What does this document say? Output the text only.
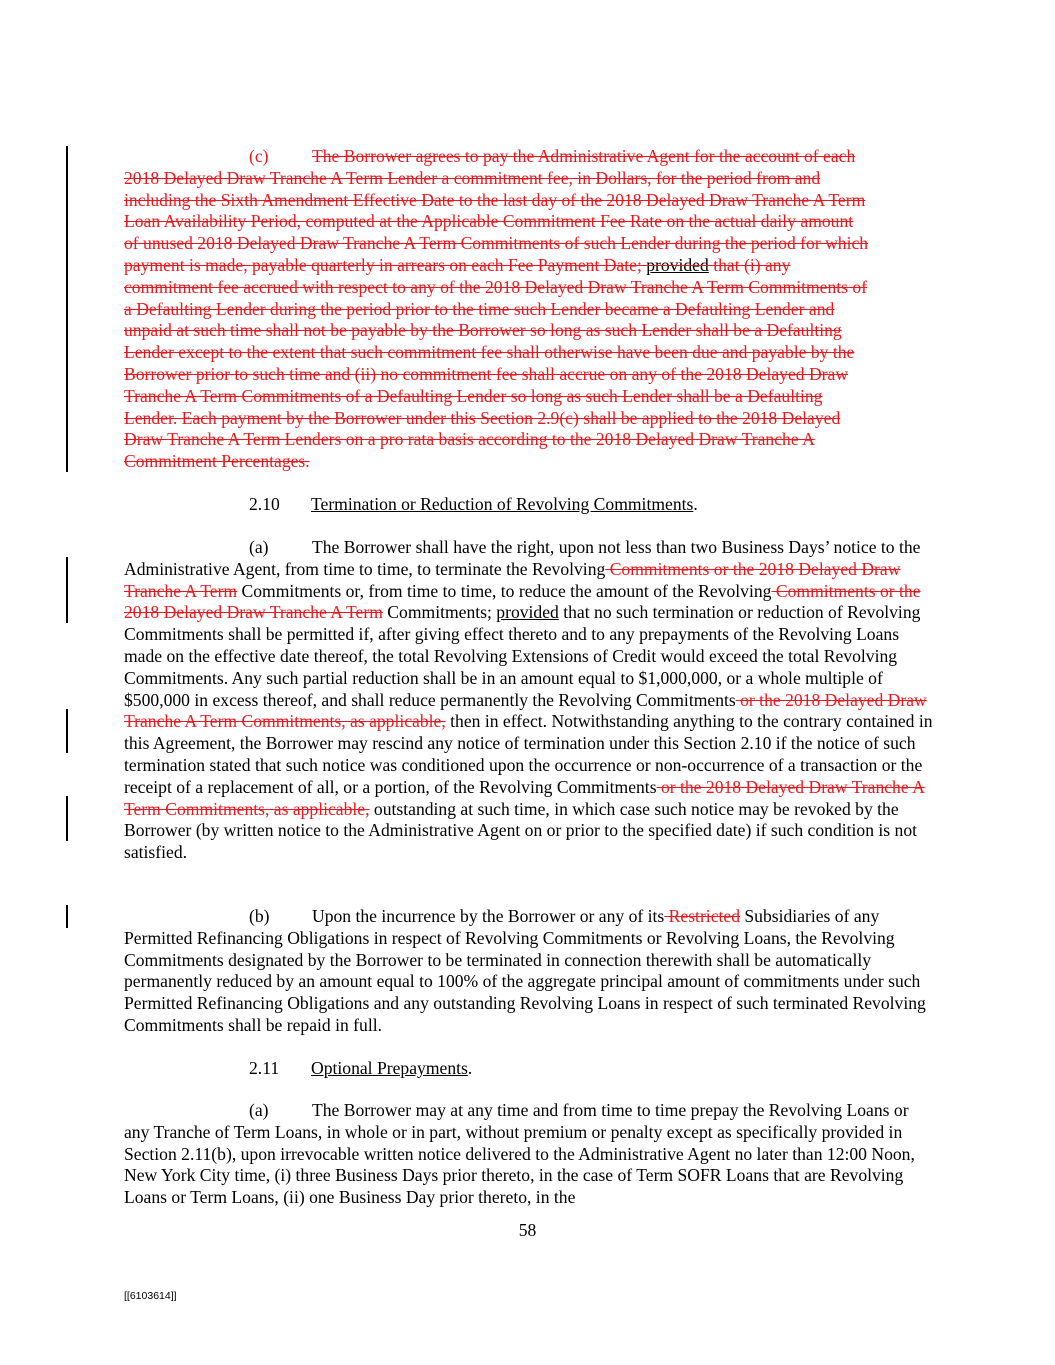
(c) The Borrower agrees to pay the Administrative Agent for the account of each
2018 Delayed Draw Tranche A Term Lender a commitment fee, in Dollars, for the period from and
including the Sixth Amendment Effective Date to the last day of the 2018 Delayed Draw Tranche A Term
Loan Availability Period, computed at the Applicable Commitment Fee Rate on the actual daily amount
of unused 2018 Delayed Draw Tranche A Term Commitments of such Lender during the period for which
payment is made, payable quarterly in arrears on each Fee Payment Date; provided that (i) any
commitment fee accrued with respect to any of the 2018 Delayed Draw Tranche A Term Commitments of
a Defaulting Lender during the period prior to the time such Lender became a Defaulting Lender and
unpaid at such time shall not be payable by the Borrower so long as such Lender shall be a Defaulting
Lender except to the extent that such commitment fee shall otherwise have been due and payable by the
Borrower prior to such time and (ii) no commitment fee shall accrue on any of the 2018 Delayed Draw
Tranche A Term Commitments of a Defaulting Lender so long as such Lender shall be a Defaulting
Lender. Each payment by the Borrower under this Section 2.9(c) shall be applied to the 2018 Delayed
Draw Tranche A Term Lenders on a pro rata basis according to the 2018 Delayed Draw Tranche A
Commitment Percentages.
2.10 Termination or Reduction of Revolving Commitments.
(a) The Borrower shall have the right, upon not less than two Business Days’ notice to the Administrative Agent, from time to time, to terminate the Revolving Commitments or the 2018 Delayed Draw Tranche A Term Commitments or, from time to time, to reduce the amount of the Revolving Commitments or the 2018 Delayed Draw Tranche A Term Commitments; provided that no such termination or reduction of Revolving Commitments shall be permitted if, after giving effect thereto and to any prepayments of the Revolving Loans made on the effective date thereof, the total Revolving Extensions of Credit would exceed the total Revolving Commitments. Any such partial reduction shall be in an amount equal to $1,000,000, or a whole multiple of $500,000 in excess thereof, and shall reduce permanently the Revolving Commitments or the 2018 Delayed Draw Tranche A Term Commitments, as applicable, then in effect. Notwithstanding anything to the contrary contained in this Agreement, the Borrower may rescind any notice of termination under this Section 2.10 if the notice of such termination stated that such notice was conditioned upon the occurrence or non-occurrence of a transaction or the receipt of a replacement of all, or a portion, of the Revolving Commitments or the 2018 Delayed Draw Tranche A Term Commitments, as applicable, outstanding at such time, in which case such notice may be revoked by the Borrower (by written notice to the Administrative Agent on or prior to the specified date) if such condition is not satisfied.
(b) Upon the incurrence by the Borrower or any of its Restricted Subsidiaries of any Permitted Refinancing Obligations in respect of Revolving Commitments or Revolving Loans, the Revolving Commitments designated by the Borrower to be terminated in connection therewith shall be automatically permanently reduced by an amount equal to 100% of the aggregate principal amount of commitments under such Permitted Refinancing Obligations and any outstanding Revolving Loans in respect of such terminated Revolving Commitments shall be repaid in full.
2.11 Optional Prepayments.
(a) The Borrower may at any time and from time to time prepay the Revolving Loans or any Tranche of Term Loans, in whole or in part, without premium or penalty except as specifically provided in Section 2.11(b), upon irrevocable written notice delivered to the Administrative Agent no later than 12:00 Noon, New York City time, (i) three Business Days prior thereto, in the case of Term SOFR Loans that are Revolving Loans or Term Loans, (ii) one Business Day prior thereto, in the
58
[[6103614]]
